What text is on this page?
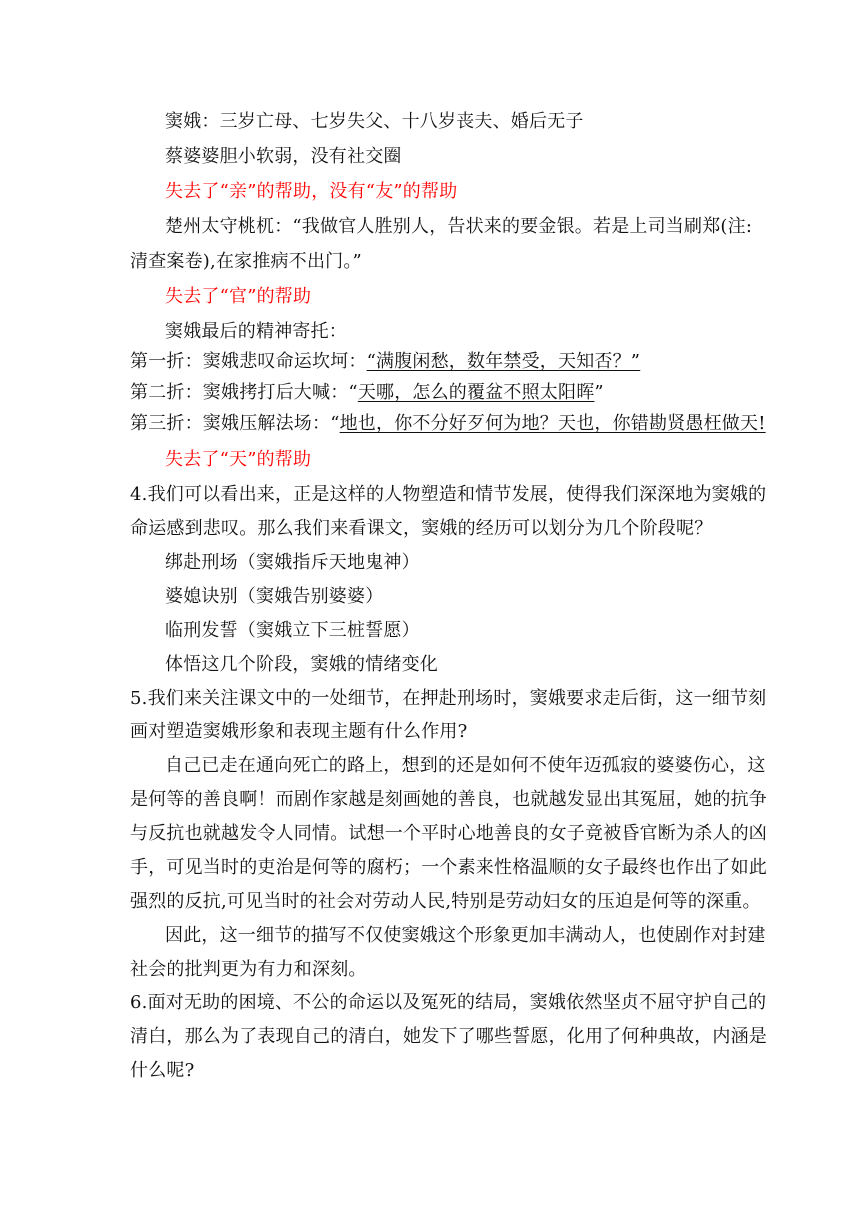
窦娥：三岁亡母、七岁失父、十八岁丧夫、婚后无子
蔡婆婆胆小软弱，没有社交圈
失去了“亲”的帮助，没有“友”的帮助
楚州太守桃杌：“我做官人胜别人，告状来的要金银。若是上司当刷郑(注:
清查案卷),在家推病不出门。”
失去了“官”的帮助
窦娥最后的精神寄托：
第一折：窦娥悲叹命运坎坷：“满腹闲愁，数年禁受，天知否？”
第二折：窦娥拷打后大喊：“天哪，怎么的覆盆不照太阳晖”
第三折：窦娥压解法场：“地也，你不分好歹何为地？天也，你错勘贤愚枉做天!
失去了“天”的帮助
4.我们可以看出来，正是这样的人物塑造和情节发展，使得我们深深地为窦娥的
命运感到悲叹。那么我们来看课文，窦娥的经历可以划分为几个阶段呢？
绑赴刑场（窦娥指斥天地鬼神）
婆媳诀别（窦娥告别婆婆）
临刑发誓（窦娥立下三桩誓愿）
体悟这几个阶段，窦娥的情绪变化
5.我们来关注课文中的一处细节，在押赴刑场时，窦娥要求走后街，这一细节刻
画对塑造窦娥形象和表现主题有什么作用?
自己已走在通向死亡的路上，想到的还是如何不使年迈孤寂的婆婆伤心，这
是何等的善良啊！而剧作家越是刻画她的善良，也就越发显出其冤屈，她的抗争
与反抗也就越发令人同情。试想一个平时心地善良的女子竟被昏官断为杀人的凶
手，可见当时的吏治是何等的腐朽；一个素来性格温顺的女子最终也作出了如此
强烈的反抗,可见当时的社会对劳动人民,特别是劳动妇女的压迫是何等的深重。
因此，这一细节的描写不仅使窦娥这个形象更加丰满动人，也使剧作对封建
社会的批判更为有力和深刻。
6.面对无助的困境、不公的命运以及冤死的结局，窦娥依然坚贞不屈守护自己的
清白，那么为了表现自己的清白，她发下了哪些誓愿，化用了何种典故，内涵是
什么呢?
